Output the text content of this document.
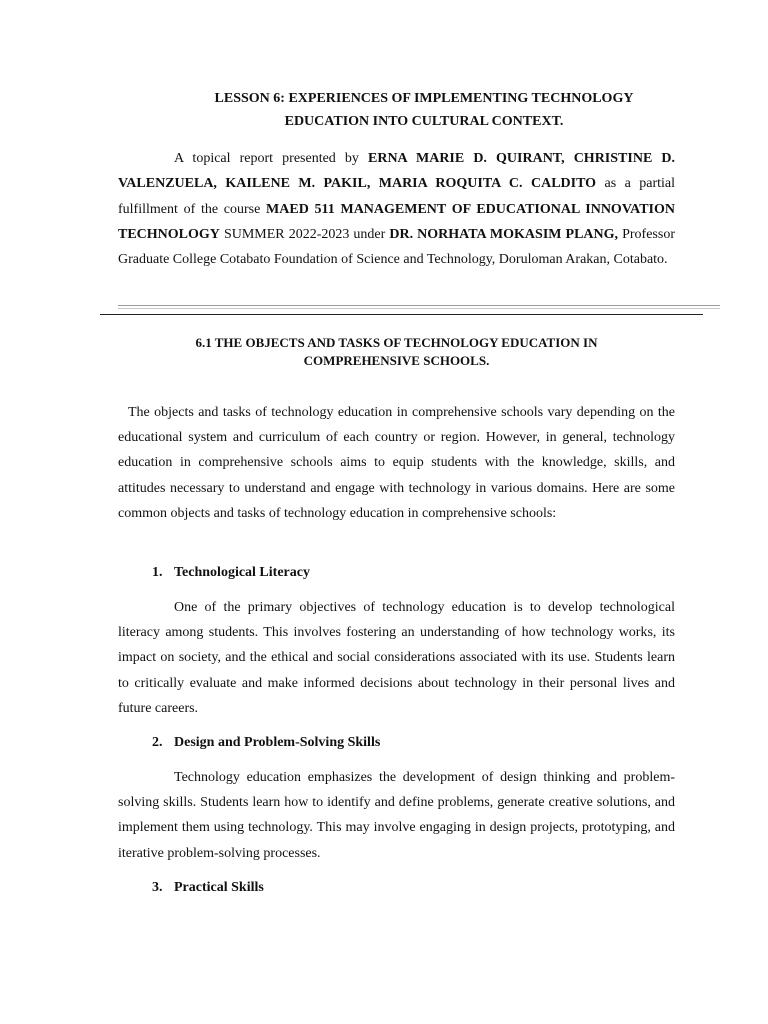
LESSON 6: EXPERIENCES OF IMPLEMENTING TECHNOLOGY
EDUCATION INTO CULTURAL CONTEXT.

A topical report presented by ERNA MARIE D. QUIRANT, CHRISTINE D. VALENZUELA, KAILENE M. PAKIL, MARIA ROQUITA C. CALDITO as a partial fulfillment of the course MAED 511 MANAGEMENT OF EDUCATIONAL INNOVATION TECHNOLOGY SUMMER 2022-2023 under DR. NORHATA MOKASIM PLANG, Professor Graduate College Cotabato Foundation of Science and Technology, Doruloman Arakan, Cotabato.

6.1 THE OBJECTS AND TASKS OF TECHNOLOGY EDUCATION IN
COMPREHENSIVE SCHOOLS.

The objects and tasks of technology education in comprehensive schools vary depending on the educational system and curriculum of each country or region. However, in general, technology education in comprehensive schools aims to equip students with the knowledge, skills, and attitudes necessary to understand and engage with technology in various domains. Here are some common objects and tasks of technology education in comprehensive schools:

1. Technological Literacy

One of the primary objectives of technology education is to develop technological literacy among students. This involves fostering an understanding of how technology works, its impact on society, and the ethical and social considerations associated with its use. Students learn to critically evaluate and make informed decisions about technology in their personal lives and future careers.

2. Design and Problem-Solving Skills

Technology education emphasizes the development of design thinking and problem-solving skills. Students learn how to identify and define problems, generate creative solutions, and implement them using technology. This may involve engaging in design projects, prototyping, and iterative problem-solving processes.

3. Practical Skills
